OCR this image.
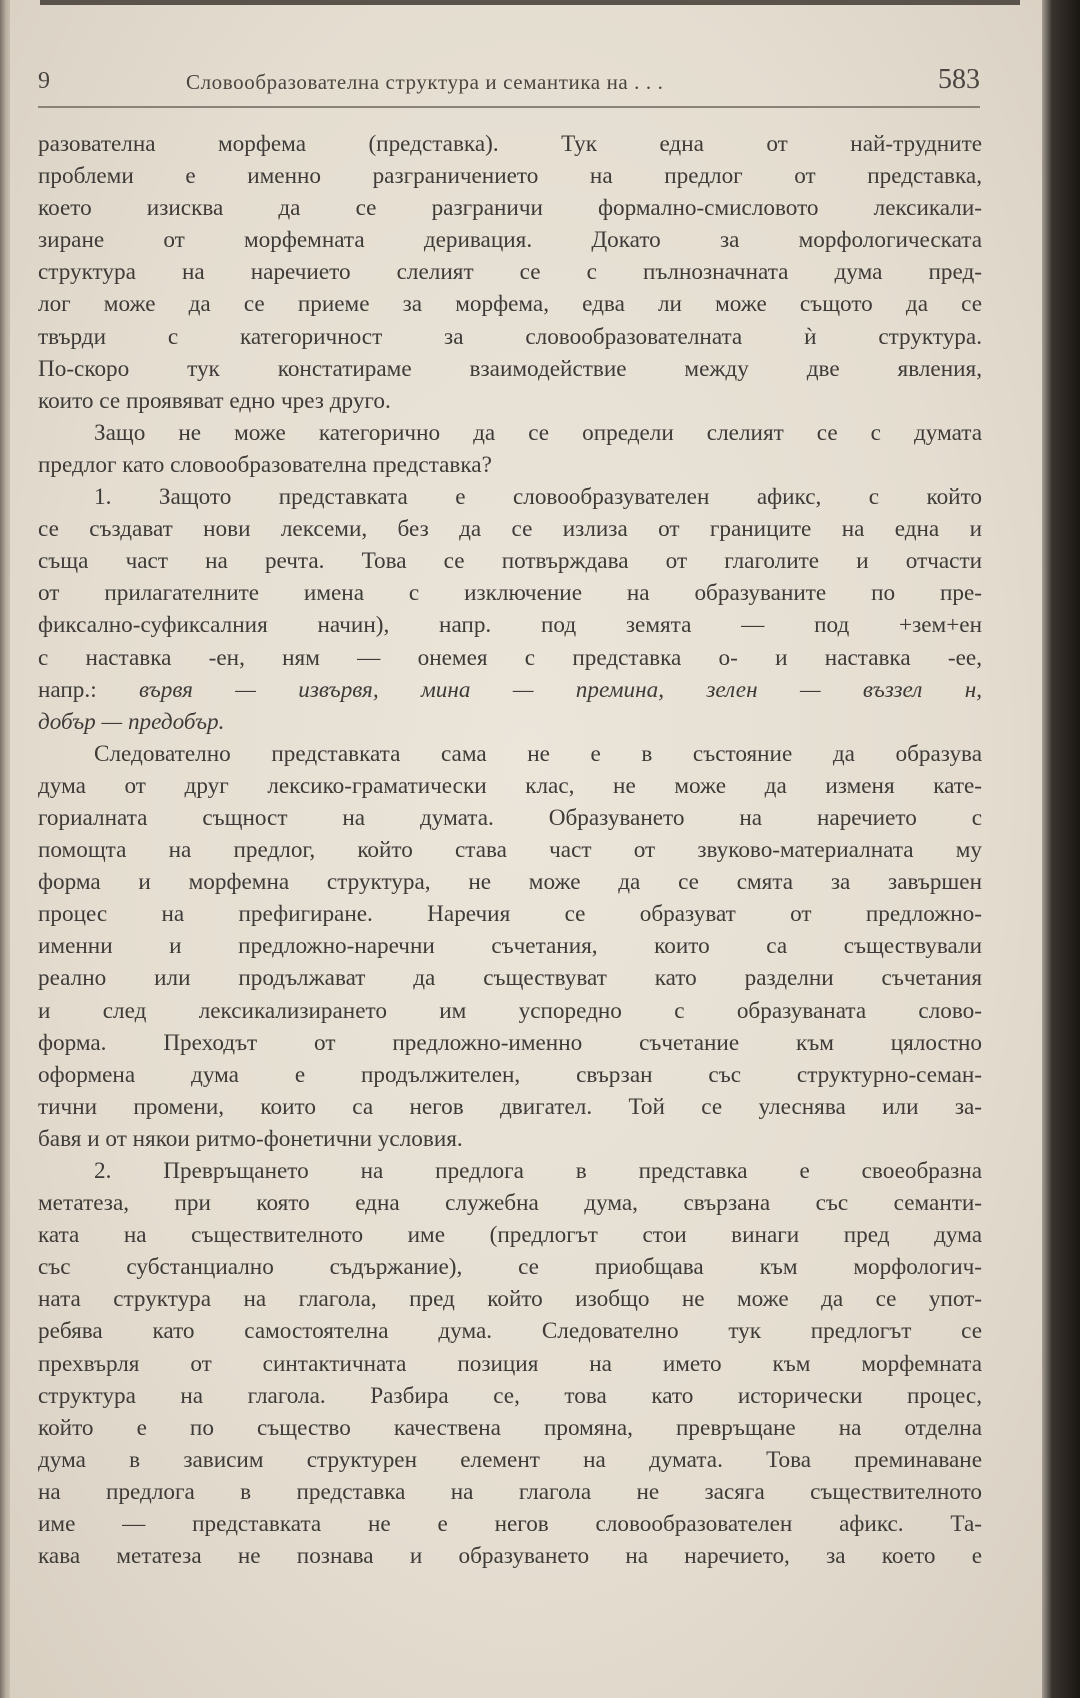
9	Словообразователна структура и семантика на . . .	583
разователна морфема (представка). Тук една от най-трудните
проблеми е именно разграничението на предлог от представка,
което изисква да се разграничи формално-смисловото лексикали-
зиране от морфемната деривация. Докато за морфологическата
структура на наречието слелият се с пълнозначната дума пред-
лог може да се приеме за морфема, едва ли може същото да се
твърди с категоричност за словообразователната ѝ структура.
По-скоро тук констатираме взаимодействие между две явления,
които се проявяват едно чрез друго.
Защо не може категорично да се определи слелият се с думата
предлог като словообразователна представка?
1. Защото представката е словообразувателен афикс, с който
се създават нови лексеми, без да се излиза от границите на една и
съща част на речта. Това се потвърждава от глаголите и отчасти
от прилагателните имена с изключение на образуваните по пре-
фиксално-суфиксалния начин), напр. под земята — под +зем+ен
с наставка -ен, ням — онемея с представка о- и наставка -ее,
напр.: вървя — извървя, мина — премина, зелен — въззел н,
добър — предобър.
Следователно представката сама не е в състояние да образува
дума от друг лексико-граматически клас, не може да изменя кате-
гориалната същност на думата. Образуването на наречието с
помощта на предлог, който става част от звуково-материалната му
форма и морфемна структура, не може да се смята за завършен
процес на префигиране. Наречия се образуват от предложно-
именни и предложно-наречни съчетания, които са съществували
реално или продължават да съществуват като разделни съчетания
и след лексикализирането им успоредно с образуваната слово-
форма. Преходът от предложно-именно съчетание към цялостно
оформена дума е продължителен, свързан със структурно-семан-
тични промени, които са негов двигател. Той се улеснява или за-
бавя и от някои ритмо-фонетични условия.
2. Превръщането на предлога в представка е своеобразна
метатеза, при която една служебна дума, свързана със семанти-
ката на съществителното име (предлогът стои винаги пред дума
със субстанциално съдържание), се приобщава към морфологич-
ната структура на глагола, пред който изобщо не може да се упот-
ребява като самостоятелна дума. Следователно тук предлогът се
прехвърля от синтактичната позиция на името към морфемната
структура на глагола. Разбира се, това като исторически процес,
който е по същество качествена промяна, превръщане на отделна
дума в зависим структурен елемент на думата. Това преминаване
на предлога в представка на глагола не засяга съществителното
име — представката не е негов словообразователен афикс. Та-
кава метатеза не познава и образуването на наречието, за което е
